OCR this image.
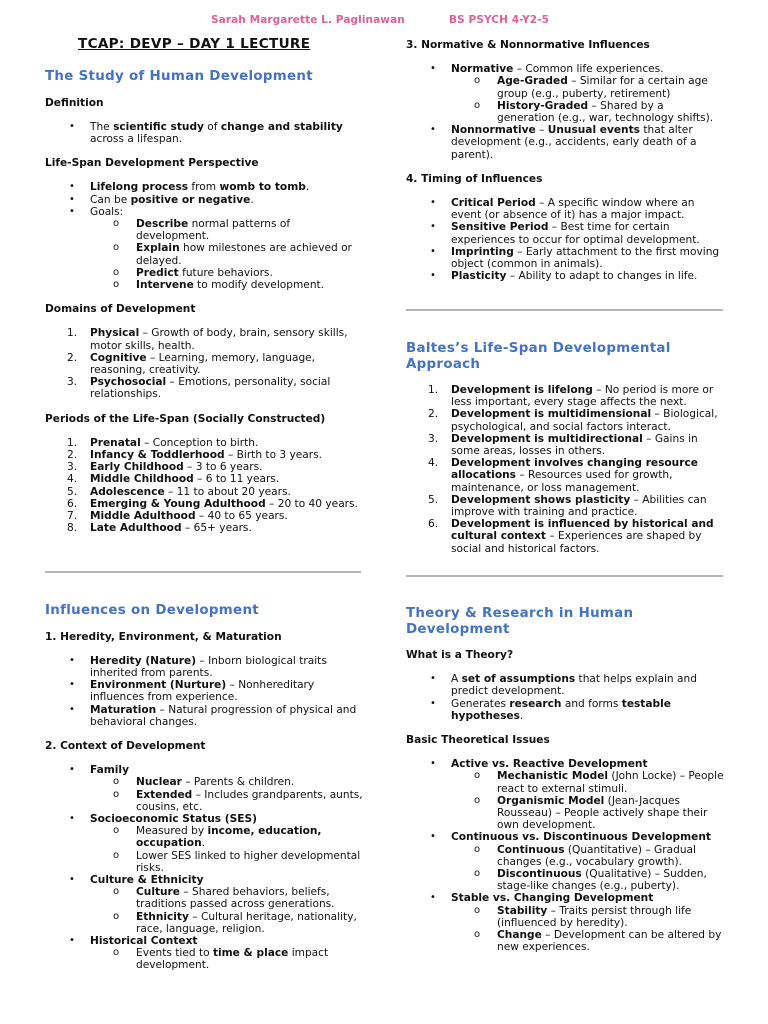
Sarah Margarette L. Paglinawan	BS PSYCH 4-Y2-5
TCAP: DEVP – DAY 1 LECTURE
The Study of Human Development
Definition
• The scientific study of change and stability
across a lifespan.
Life-Span Development Perspective
• Lifelong process from womb to tomb.
• Can be positive or negative.
• Goals:
o Describe normal patterns of development.
o Explain how milestones are achieved or delayed.
o Predict future behaviors.
o Intervene to modify development.
Domains of Development
1. Physical – Growth of body, brain, sensory skills, motor skills, health.
2. Cognitive – Learning, memory, language, reasoning, creativity.
3. Psychosocial – Emotions, personality, social relationships.
Periods of the Life-Span (Socially Constructed)
1. Prenatal – Conception to birth.
2. Infancy & Toddlerhood – Birth to 3 years.
3. Early Childhood – 3 to 6 years.
4. Middle Childhood – 6 to 11 years.
5. Adolescence – 11 to about 20 years.
6. Emerging & Young Adulthood – 20 to 40 years.
7. Middle Adulthood – 40 to 65 years.
8. Late Adulthood – 65+ years.
Influences on Development
1. Heredity, Environment, & Maturation
• Heredity (Nature) – Inborn biological traits inherited from parents.
• Environment (Nurture) – Nonhereditary influences from experience.
• Maturation – Natural progression of physical and behavioral changes.
2. Context of Development
• Family
o Nuclear – Parents & children.
o Extended – Includes grandparents, aunts, cousins, etc.
• Socioeconomic Status (SES)
o Measured by income, education, occupation.
o Lower SES linked to higher developmental risks.
• Culture & Ethnicity
o Culture – Shared behaviors, beliefs, traditions passed across generations.
o Ethnicity – Cultural heritage, nationality, race, language, religion.
• Historical Context
o Events tied to time & place impact development.
3. Normative & Nonnormative Influences
• Normative – Common life experiences.
o Age-Graded – Similar for a certain age group (e.g., puberty, retirement)
o History-Graded – Shared by a generation (e.g., war, technology shifts).
• Nonnormative – Unusual events that alter development (e.g., accidents, early death of a parent).
4. Timing of Influences
• Critical Period – A specific window where an event (or absence of it) has a major impact.
• Sensitive Period – Best time for certain experiences to occur for optimal development.
• Imprinting – Early attachment to the first moving object (common in animals).
• Plasticity – Ability to adapt to changes in life.
Baltes’s Life-Span Developmental Approach
1. Development is lifelong – No period is more or less important, every stage affects the next.
2. Development is multidimensional – Biological, psychological, and social factors interact.
3. Development is multidirectional – Gains in some areas, losses in others.
4. Development involves changing resource allocations – Resources used for growth, maintenance, or loss management.
5. Development shows plasticity – Abilities can improve with training and practice.
6. Development is influenced by historical and cultural context – Experiences are shaped by social and historical factors.
Theory & Research in Human Development
What is a Theory?
• A set of assumptions that helps explain and predict development.
• Generates research and forms testable hypotheses.
Basic Theoretical Issues
• Active vs. Reactive Development
o Mechanistic Model (John Locke) – People react to external stimuli.
o Organismic Model (Jean-Jacques Rousseau) – People actively shape their own development.
• Continuous vs. Discontinuous Development
o Continuous (Quantitative) – Gradual changes (e.g., vocabulary growth).
o Discontinuous (Qualitative) – Sudden, stage-like changes (e.g., puberty).
• Stable vs. Changing Development
o Stability – Traits persist through life (influenced by heredity).
o Change – Development can be altered by new experiences.
